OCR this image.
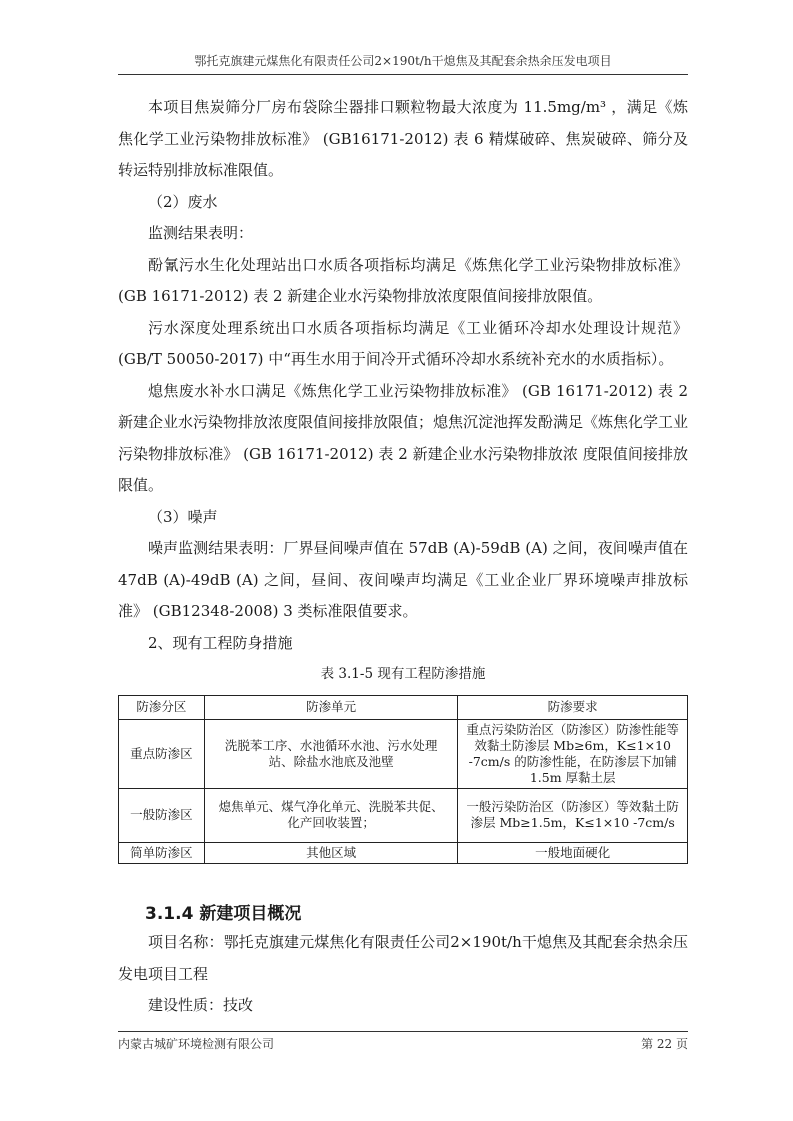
鄂托克旗建元煤焦化有限责任公司2×190t/h干熄焦及其配套余热余压发电项目

本项目焦炭筛分厂房布袋除尘器排口颗粒物最大浓度为 11.5mg/m³ ，满足《炼焦化学工业污染物排放标准》 (GB16171-2012) 表 6 精煤破碎、焦炭破碎、筛分及转运特别排放标准限值。

（2）废水

监测结果表明：

酚氰污水生化处理站出口水质各项指标均满足《炼焦化学工业污染物排放标准》 (GB 16171-2012) 表 2 新建企业水污染物排放浓度限值间接排放限值。

污水深度处理系统出口水质各项指标均满足《工业循环冷却水处理设计规范》 (GB/T 50050-2017) 中“再生水用于间冷开式循环冷却水系统补充水的水质指标）。

熄焦废水补水口满足《炼焦化学工业污染物排放标准》 (GB 16171-2012) 表 2 新建企业水污染物排放浓度限值间接排放限值；熄焦沉淀池挥发酚满足《炼焦化学工业污染物排放标准》 (GB 16171-2012) 表 2 新建企业水污染物排放浓 度限值间接排放限值。

（3）噪声

噪声监测结果表明：厂界昼间噪声值在 57dB (A)-59dB (A) 之间，夜间噪声值在 47dB (A)-49dB (A) 之间，昼间、夜间噪声均满足《工业企业厂界环境噪声排放标准》 (GB12348-2008) 3 类标准限值要求。

2、现有工程防身措施

表 3.1-5 现有工程防渗措施

防渗分区	防渗单元	防渗要求
重点防渗区	洗脱苯工序、水池循环水池、污水处理站、除盐水池底及池壁	重点污染防治区（防渗区）防渗性能等效黏土防渗层 Mb≥6m，K≤1×10 -7cm/s 的防渗性能，在防渗层下加铺 1.5m 厚黏土层
一般防渗区	熄焦单元、煤气净化单元、洗脱苯共促、化产回收装置；	一般污染防治区（防渗区）等效黏土防渗层 Mb≥1.5m，K≤1×10 -7cm/s
简单防渗区	其他区域	一般地面硬化
3.1.4 新建项目概况

项目名称：鄂托克旗建元煤焦化有限责任公司2×190t/h干熄焦及其配套余热余压发电项目工程

建设性质：技改

内蒙古城矿环境检测有限公司	第 22 页
